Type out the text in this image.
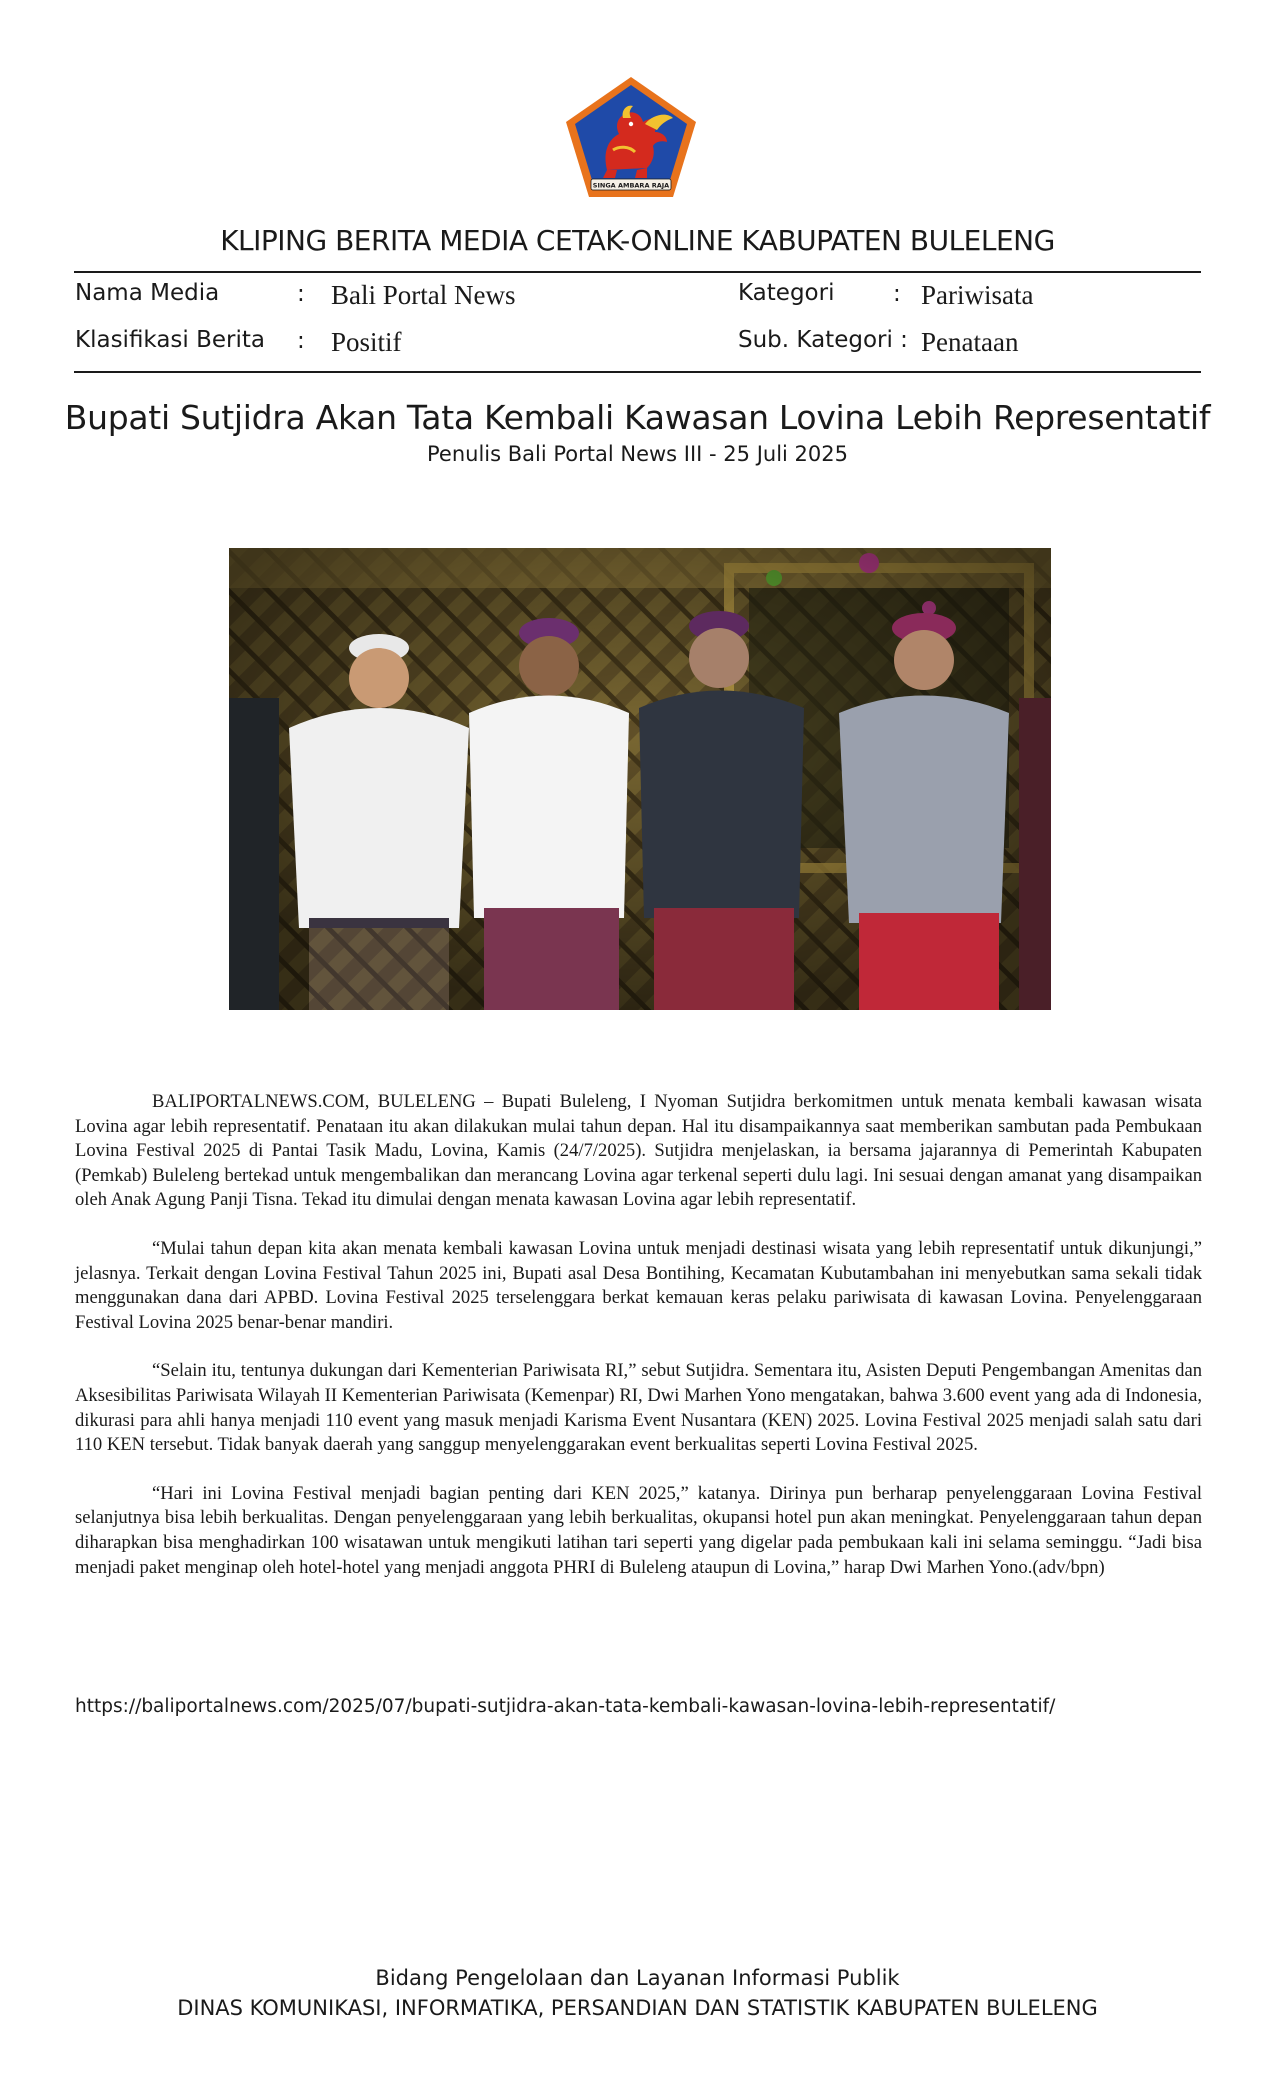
SINGA AMBARA RAJA
KLIPING BERITA MEDIA CETAK-ONLINE KABUPATEN BULELENG
Nama Media	: Bali Portal News	Kategori	: Pariwisata
Klasifikasi Berita : Positif	Sub. Kategori : Penataan
Bupati Sutjidra Akan Tata Kembali Kawasan Lovina Lebih Representatif
Penulis Bali Portal News III - 25 Juli 2025

BALIPORTALNEWS.COM, BULELENG – Bupati Buleleng, I Nyoman Sutjidra berkomitmen untuk menata kembali kawasan wisata Lovina agar lebih representatif. Penataan itu akan dilakukan mulai tahun depan. Hal itu disampaikannya saat memberikan sambutan pada Pembukaan Lovina Festival 2025 di Pantai Tasik Madu, Lovina, Kamis (24/7/2025). Sutjidra menjelaskan, ia bersama jajarannya di Pemerintah Kabupaten (Pemkab) Buleleng bertekad untuk mengembalikan dan merancang Lovina agar terkenal seperti dulu lagi. Ini sesuai dengan amanat yang disampaikan oleh Anak Agung Panji Tisna. Tekad itu dimulai dengan menata kawasan Lovina agar lebih representatif.

“Mulai tahun depan kita akan menata kembali kawasan Lovina untuk menjadi destinasi wisata yang lebih representatif untuk dikunjungi,” jelasnya. Terkait dengan Lovina Festival Tahun 2025 ini, Bupati asal Desa Bontihing, Kecamatan Kubutambahan ini menyebutkan sama sekali tidak menggunakan dana dari APBD. Lovina Festival 2025 terselenggara berkat kemauan keras pelaku pariwisata di kawasan Lovina. Penyelenggaraan Festival Lovina 2025 benar-benar mandiri.

“Selain itu, tentunya dukungan dari Kementerian Pariwisata RI,” sebut Sutjidra. Sementara itu, Asisten Deputi Pengembangan Amenitas dan Aksesibilitas Pariwisata Wilayah II Kementerian Pariwisata (Kemenpar) RI, Dwi Marhen Yono mengatakan, bahwa 3.600 event yang ada di Indonesia, dikurasi para ahli hanya menjadi 110 event yang masuk menjadi Karisma Event Nusantara (KEN) 2025. Lovina Festival 2025 menjadi salah satu dari 110 KEN tersebut. Tidak banyak daerah yang sanggup menyelenggarakan event berkualitas seperti Lovina Festival 2025.

“Hari ini Lovina Festival menjadi bagian penting dari KEN 2025,” katanya. Dirinya pun berharap penyelenggaraan Lovina Festival selanjutnya bisa lebih berkualitas. Dengan penyelenggaraan yang lebih berkualitas, okupansi hotel pun akan meningkat. Penyelenggaraan tahun depan diharapkan bisa menghadirkan 100 wisatawan untuk mengikuti latihan tari seperti yang digelar pada pembukaan kali ini selama seminggu. “Jadi bisa menjadi paket menginap oleh hotel-hotel yang menjadi anggota PHRI di Buleleng ataupun di Lovina,” harap Dwi Marhen Yono.(adv/bpn)

https://baliportalnews.com/2025/07/bupati-sutjidra-akan-tata-kembali-kawasan-lovina-lebih-representatif/
Bidang Pengelolaan dan Layanan Informasi Publik
DINAS KOMUNIKASI, INFORMATIKA, PERSANDIAN DAN STATISTIK KABUPATEN BULELENG
